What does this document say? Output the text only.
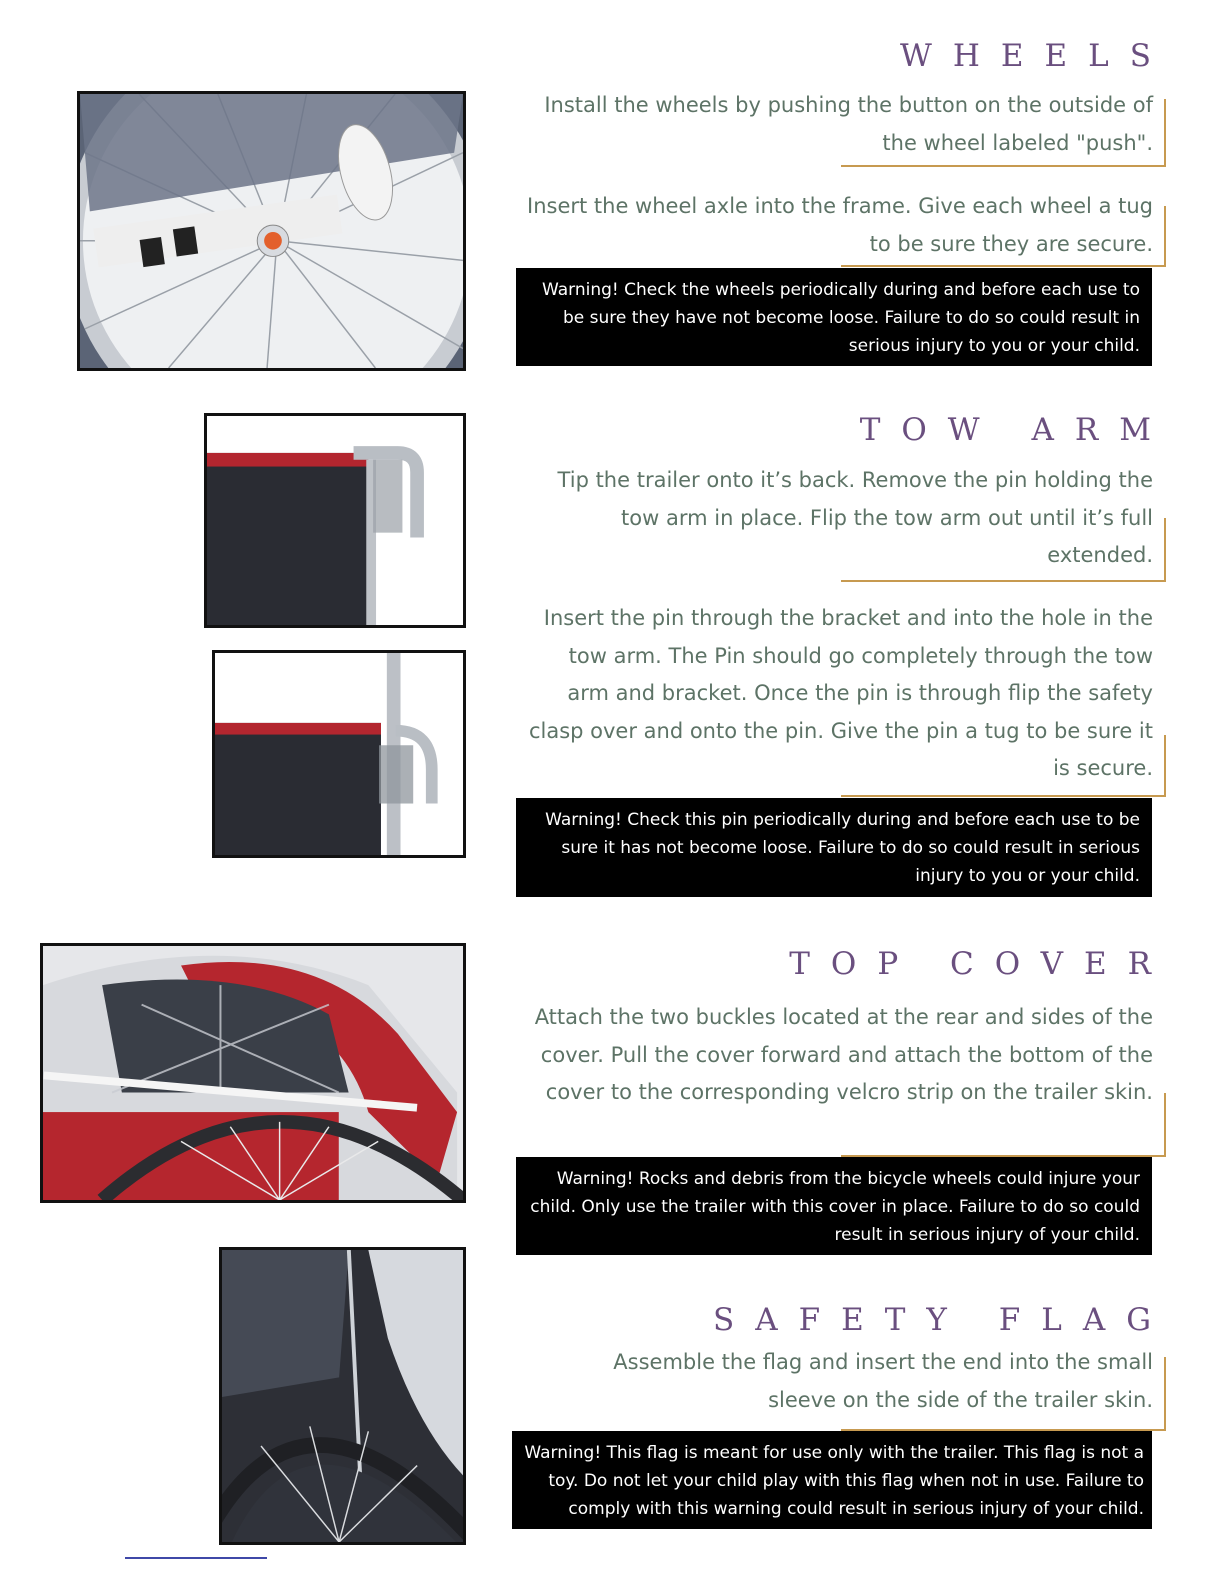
WHEELS

Install the wheels by pushing the button on the outside of the wheel labeled "push".

Insert the wheel axle into the frame. Give each wheel a tug to be sure they are secure.

Warning! Check the wheels periodically during and before each use to be sure they have not become loose. Failure to do so could result in serious injury to you or your child.
TOW ARM

Tip the trailer onto it’s back. Remove the pin holding the tow arm in place. Flip the tow arm out until it’s full extended.

Insert the pin through the bracket and into the hole in the tow arm. The Pin should go completely through the tow arm and bracket. Once the pin is through flip the safety clasp over and onto the pin. Give the pin a tug to be sure it is secure.

Warning! Check this pin periodically during and before each use to be sure it has not become loose. Failure to do so could result in serious injury to you or your child.
TOP COVER

Attach the two buckles located at the rear and sides of the cover. Pull the cover forward and attach the bottom of the cover to the corresponding velcro strip on the trailer skin.

Warning! Rocks and debris from the bicycle wheels could injure your child. Only use the trailer with this cover in place. Failure to do so could result in serious injury of your child.
SAFETY FLAG

Assemble the flag and insert the end into the small sleeve on the side of the trailer skin.

Warning! This flag is meant for use only with the trailer. This flag is not a toy. Do not let your child play with this flag when not in use. Failure to comply with this warning could result in serious injury of your child.
